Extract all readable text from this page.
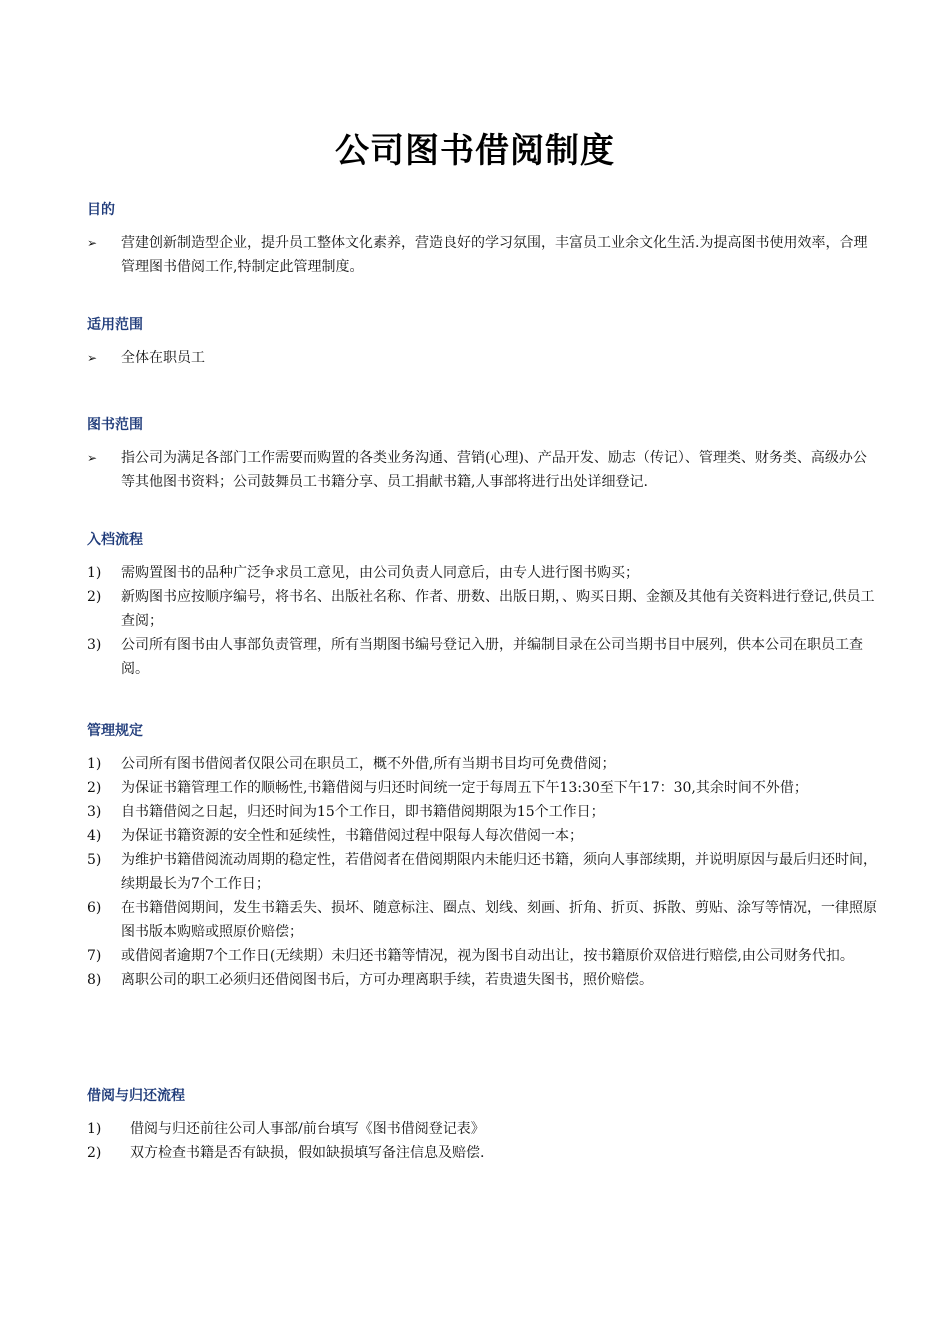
公司图书借阅制度
目的
➢	营建创新制造型企业，提升员工整体文化素养，营造良好的学习氛围，丰富员工业余文化生活.为提高图书使用效率，合理管理图书借阅工作,特制定此管理制度。
适用范围
➢	全体在职员工
图书范围
➢	指公司为满足各部门工作需要而购置的各类业务沟通、营销(心理)、产品开发、励志（传记）、管理类、财务类、高级办公等其他图书资料；公司鼓舞员工书籍分享、员工捐献书籍,人事部将进行出处详细登记.
入档流程
1)	需购置图书的品种广泛争求员工意见，由公司负责人同意后，由专人进行图书购买；
2)	新购图书应按顺序编号，将书名、出版社名称、作者、册数、出版日期，、购买日期、金额及其他有关资料进行登记,供员工查阅；
3)	公司所有图书由人事部负责管理，所有当期图书编号登记入册，并编制目录在公司当期书目中展列，供本公司在职员工查阅。
管理规定
1)	公司所有图书借阅者仅限公司在职员工，概不外借,所有当期书目均可免费借阅；
2)	为保证书籍管理工作的顺畅性,书籍借阅与归还时间统一定于每周五下午13:30至下午17：30,其余时间不外借；
3)	自书籍借阅之日起，归还时间为15个工作日，即书籍借阅期限为15个工作日；
4)	为保证书籍资源的安全性和延续性，书籍借阅过程中限每人每次借阅一本；
5)	为维护书籍借阅流动周期的稳定性，若借阅者在借阅期限内未能归还书籍，须向人事部续期，并说明原因与最后归还时间，续期最长为7个工作日；
6)	在书籍借阅期间，发生书籍丢失、损坏、随意标注、圈点、划线、刻画、折角、折页、拆散、剪贴、涂写等情况，一律照原图书版本购赔或照原价赔偿；
7)	或借阅者逾期7个工作日(无续期）未归还书籍等情况，视为图书自动出让，按书籍原价双倍进行赔偿,由公司财务代扣。
8)	离职公司的职工必须归还借阅图书后，方可办理离职手续，若贵遗失图书，照价赔偿。
借阅与归还流程
1)	借阅与归还前往公司人事部/前台填写《图书借阅登记表》
2)	双方检查书籍是否有缺损，假如缺损填写备注信息及赔偿.
